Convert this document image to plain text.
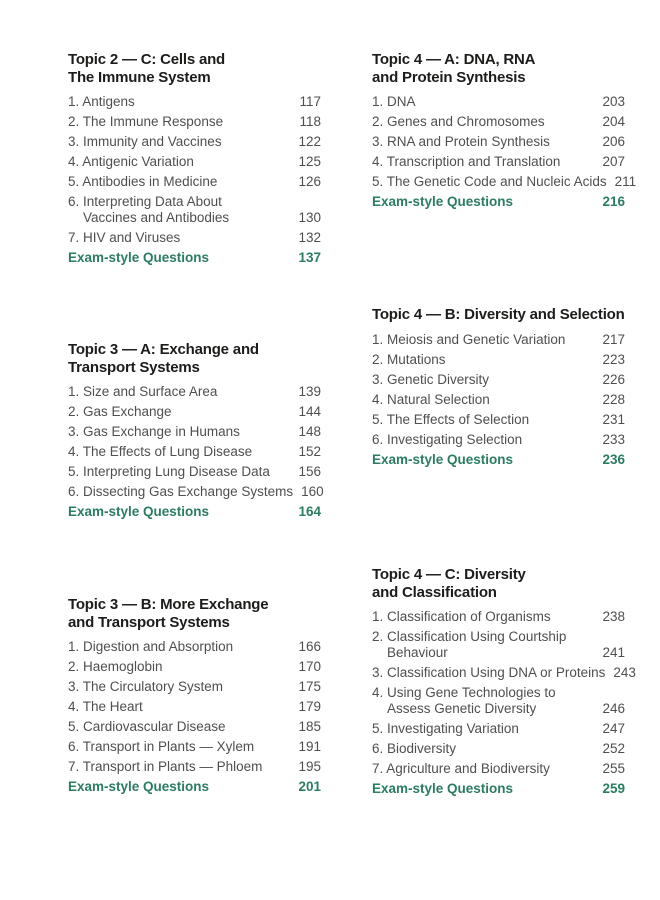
Topic 2 — C: Cells and
The Immune System
1. Antigens	117
2. The Immune Response	118
3. Immunity and Vaccines	122
4. Antigenic Variation	125
5. Antibodies in Medicine	126
6. Interpreting Data About
Vaccines and Antibodies	130
7. HIV and Viruses	132
Exam-style Questions	137
Topic 3 — A: Exchange and
Transport Systems
1. Size and Surface Area	139
2. Gas Exchange	144
3. Gas Exchange in Humans	148
4. The Effects of Lung Disease	152
5. Interpreting Lung Disease Data	156
6. Dissecting Gas Exchange Systems 160
Exam-style Questions	164
Topic 3 — B: More Exchange
and Transport Systems
1. Digestion and Absorption	166
2. Haemoglobin	170
3. The Circulatory System	175
4. The Heart	179
5. Cardiovascular Disease	185
6. Transport in Plants — Xylem	191
7. Transport in Plants — Phloem	195
Exam-style Questions	201
Topic 4 — A: DNA, RNA
and Protein Synthesis
1. DNA	203
2. Genes and Chromosomes	204
3. RNA and Protein Synthesis	206
4. Transcription and Translation	207
5. The Genetic Code and Nucleic Acids 211
Exam-style Questions	216
Topic 4 — B: Diversity and Selection
1. Meiosis and Genetic Variation	217
2. Mutations	223
3. Genetic Diversity	226
4. Natural Selection	228
5. The Effects of Selection	231
6. Investigating Selection	233
Exam-style Questions	236
Topic 4 — C: Diversity
and Classification
1. Classification of Organisms	238
2. Classification Using Courtship
Behaviour	241
3. Classification Using DNA or Proteins 243
4. Using Gene Technologies to
Assess Genetic Diversity	246
5. Investigating Variation	247
6. Biodiversity	252
7. Agriculture and Biodiversity	255
Exam-style Questions	259
